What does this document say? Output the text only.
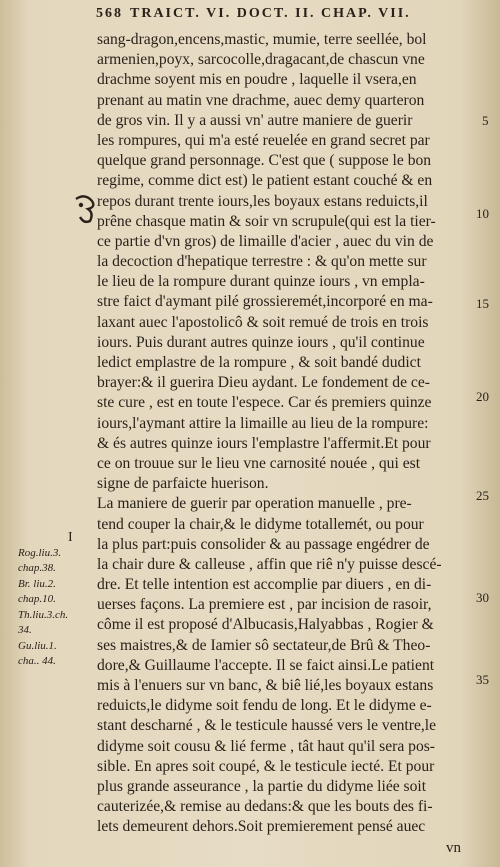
568 TRAICT. VI. DOCT. II. CHAP. VII.
sang-dragon,encens,mastic, mumie, terre seellée, bol
armenien,poyx, sarcocolle,dragacant,de chascun vne
drachme soyent mis en poudre , laquelle il vsera,en
prenant au matin vne drachme, auec demy quarteron
de gros vin. Il y a aussi vn' autre maniere de guerir
les rompures, qui m'a esté reuelée en grand secret par
quelque grand personnage. C'est que ( suppose le bon
regime, comme dict est) le patient estant couché & en
repos durant trente iours,les boyaux estans reduicts,il
prêne chasque matin & soir vn scrupule(qui est la tier-
ce partie d'vn gros) de limaille d'acier , auec du vin de
la decoction d'hepatique terrestre : & qu'on mette sur
le lieu de la rompure durant quinze iours , vn empla-
stre faict d'aymant pilé grossieremét,incorporé en ma-
laxant auec l'apostolicô & soit remué de trois en trois
iours. Puis durant autres quinze iours , qu'il continue
ledict emplastre de la rompure , & soit bandé dudict
brayer:& il guerira Dieu aydant. Le fondement de ce-
ste cure , est en toute l'espece. Car és premiers quinze
iours,l'aymant attire la limaille au lieu de la rompure:
& és autres quinze iours l'emplastre l'affermit.Et pour
ce on trouue sur le lieu vne carnosité nouée , qui est
signe de parfaicte huerison.
La maniere de guerir par operation manuelle , pre-
tend couper la chair,& le didyme totallemét, ou pour
la plus part:puis consolider & au passage engédrer de
la chair dure & calleuse , affin que riê n'y puisse descé-
dre. Et telle intention est accomplie par diuers , en di-
uerses façons. La premiere est , par incision de rasoir,
côme il est proposé d'Albucasis,Halyabbas , Rogier &
ses maistres,& de Iamier sô sectateur,de Brû & Theo-
dore,& Guillaume l'accepte. Il se faict ainsi.Le patient
mis à l'enuers sur vn banc, & biê lié,les boyaux estans
reduicts,le didyme soit fendu de long. Et le didyme e-
stant descharné , & le testicule haussé vers le ventre,le
didyme soit cousu & lié ferme , tât haut qu'il sera pos-
sible. En apres soit coupé, & le testicule iecté. Et pour
plus grande asseurance , la partie du didyme liée soit
cauterizée,& remise au dedans:& que les bouts des fi-
lets demeurent dehors.Soit premierement pensé auec
5
10
15
20
25
30
35
I
Rog.liu.3.
chap.38.
Br. liu.2.
chap.10.
Th.liu.3.ch.
34.
Gu.liu.1.
cha.. 44.
vn
